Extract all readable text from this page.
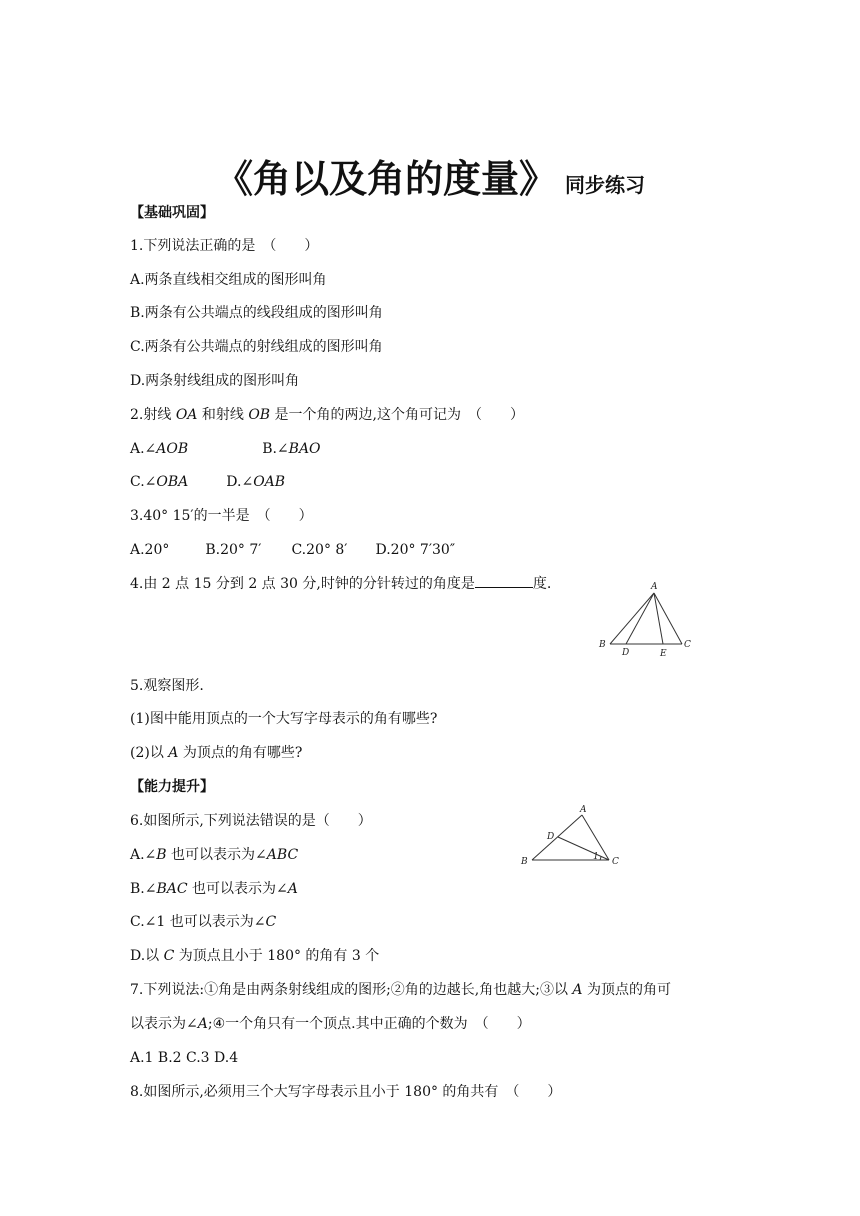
《角以及角的度量》 同步练习
【基础巩固】
1.下列说法正确的是　（　　）
A.两条直线相交组成的图形叫角
B.两条有公共端点的线段组成的图形叫角
C.两条有公共端点的射线组成的图形叫角
D.两条射线组成的图形叫角
2.射线 OA 和射线 OB 是一个角的两边,这个角可记为　（　　）
A.∠AOB	B.∠BAO
C.∠OBA	D.∠OAB
3.40° 15′的一半是　（　　）
A.20°	B.20° 7′ C.20° 8′ D.20° 7′30″
4.由 2 点 15 分到 2 点 30 分,时钟的分针转过的角度是	度.	A
B	C
D	E
5.观察图形.
(1)图中能用顶点的一个大写字母表示的角有哪些?
(2)以 A 为顶点的角有哪些?
【能力提升】
6.如图所示,下列说法错误的是（　　）
A
B	C
D
1
A.∠B 也可以表示为∠ABC
B.∠BAC 也可以表示为∠A
C.∠1 也可以表示为∠C
D.以 C 为顶点且小于 180° 的角有 3 个
7.下列说法:①角是由两条射线组成的图形;②角的边越长,角也越大;③以 A 为顶点的角可
以表示为∠A;④一个角只有一个顶点.其中正确的个数为　（　　）
A.1 B.2 C.3 D.4
8.如图所示,必须用三个大写字母表示且小于 180° 的角共有　（　　）
